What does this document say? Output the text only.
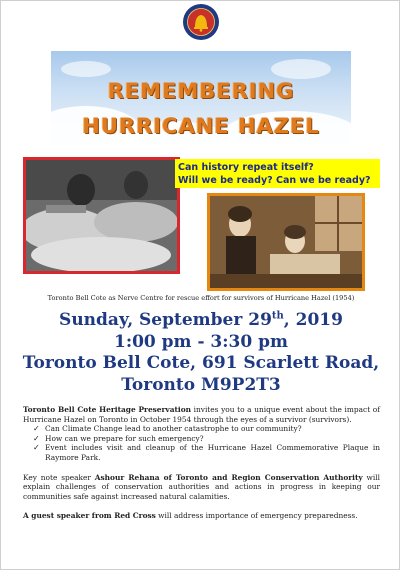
REMEMBERING
HURRICANE HAZEL
Can history repeat itself?
Will we be ready? Can we be ready?
Toronto Bell Cote as Nerve Centre for rescue effort for survivors of Hurricane Hazel (1954)
Sunday, September 29th, 2019
1:00 pm - 3:30 pm
Toronto Bell Cote, 691 Scarlett Road,
Toronto M9P2T3

Toronto Bell Cote Heritage Preservation invites you to a unique event about the impact of Hurricane Hazel on Toronto in October 1954 through the eyes of a survivor (survivors).

✓ Can Climate Change lead to another catastrophe to our community?
✓ How can we prepare for such emergency?
✓ Event includes visit and cleanup of the Hurricane Hazel Commemorative Plaque in Raymore Park.

Key note speaker Ashour Rehana of Toronto and Region Conservation Authority will explain challenges of conservation authorities and actions in progress in keeping our communities safe against increased natural calamities.

A guest speaker from Red Cross will address importance of emergency preparedness.
